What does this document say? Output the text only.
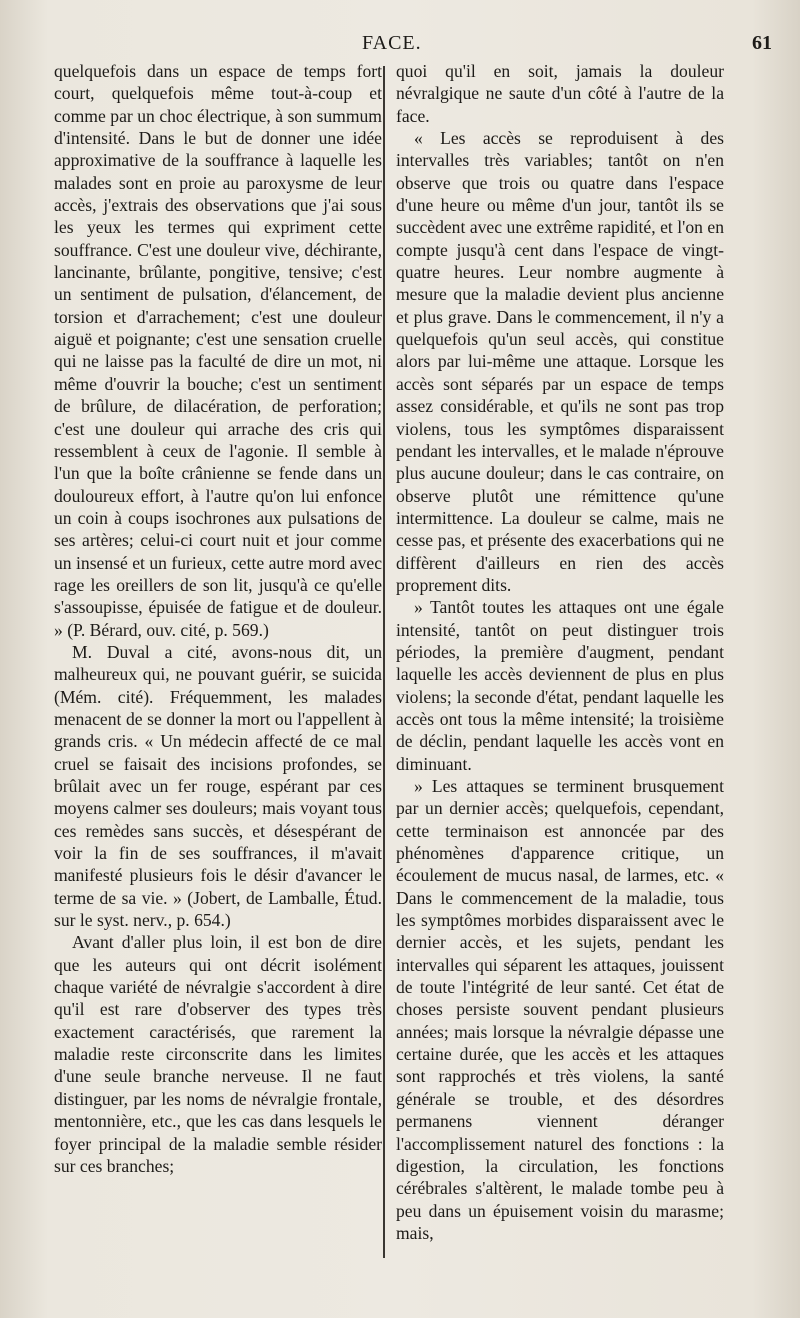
FACE.	61

quelquefois dans un espace de temps fort court, quelquefois même tout-à-coup et comme par un choc électrique, à son summum d'intensité. Dans le but de donner une idée approximative de la souffrance à laquelle les malades sont en proie au paroxysme de leur accès, j'extrais des observations que j'ai sous les yeux les termes qui expriment cette souffrance. C'est une douleur vive, déchirante, lancinante, brûlante, pongitive, tensive; c'est un sentiment de pulsation, d'élancement, de torsion et d'arrachement; c'est une douleur aiguë et poignante; c'est une sensation cruelle qui ne laisse pas la faculté de dire un mot, ni même d'ouvrir la bouche; c'est un sentiment de brûlure, de dilacération, de perforation; c'est une douleur qui arrache des cris qui ressemblent à ceux de l'agonie. Il semble à l'un que la boîte crânienne se fende dans un douloureux effort, à l'autre qu'on lui enfonce un coin à coups isochrones aux pulsations de ses artères; celui-ci court nuit et jour comme un insensé et un furieux, cette autre mord avec rage les oreillers de son lit, jusqu'à ce qu'elle s'assoupisse, épuisée de fatigue et de douleur. » (P. Bérard, ouv. cité, p. 569.)

M. Duval a cité, avons-nous dit, un malheureux qui, ne pouvant guérir, se suicida (Mém. cité). Fréquemment, les malades menacent de se donner la mort ou l'appellent à grands cris. « Un médecin affecté de ce mal cruel se faisait des incisions profondes, se brûlait avec un fer rouge, espérant par ces moyens calmer ses douleurs; mais voyant tous ces remèdes sans succès, et désespérant de voir la fin de ses souffrances, il m'avait manifesté plusieurs fois le désir d'avancer le terme de sa vie. » (Jobert, de Lamballe, Étud. sur le syst. nerv., p. 654.)

Avant d'aller plus loin, il est bon de dire que les auteurs qui ont décrit isolément chaque variété de névralgie s'accordent à dire qu'il est rare d'observer des types très exactement caractérisés, que rarement la maladie reste circonscrite dans les limites d'une seule branche nerveuse. Il ne faut distinguer, par les noms de névralgie frontale, mentonnière, etc., que les cas dans lesquels le foyer principal de la maladie semble résider sur ces branches;

quoi qu'il en soit, jamais la douleur névralgique ne saute d'un côté à l'autre de la face.

« Les accès se reproduisent à des intervalles très variables; tantôt on n'en observe que trois ou quatre dans l'espace d'une heure ou même d'un jour, tantôt ils se succèdent avec une extrême rapidité, et l'on en compte jusqu'à cent dans l'espace de vingt-quatre heures. Leur nombre augmente à mesure que la maladie devient plus ancienne et plus grave. Dans le commencement, il n'y a quelquefois qu'un seul accès, qui constitue alors par lui-même une attaque. Lorsque les accès sont séparés par un espace de temps assez considérable, et qu'ils ne sont pas trop violens, tous les symptômes disparaissent pendant les intervalles, et le malade n'éprouve plus aucune douleur; dans le cas contraire, on observe plutôt une rémittence qu'une intermittence. La douleur se calme, mais ne cesse pas, et présente des exacerbations qui ne diffèrent d'ailleurs en rien des accès proprement dits.

» Tantôt toutes les attaques ont une égale intensité, tantôt on peut distinguer trois périodes, la première d'augment, pendant laquelle les accès deviennent de plus en plus violens; la seconde d'état, pendant laquelle les accès ont tous la même intensité; la troisième de déclin, pendant laquelle les accès vont en diminuant.

» Les attaques se terminent brusquement par un dernier accès; quelquefois, cependant, cette terminaison est annoncée par des phénomènes d'apparence critique, un écoulement de mucus nasal, de larmes, etc. « Dans le commencement de la maladie, tous les symptômes morbides disparaissent avec le dernier accès, et les sujets, pendant les intervalles qui séparent les attaques, jouissent de toute l'intégrité de leur santé. Cet état de choses persiste souvent pendant plusieurs années; mais lorsque la névralgie dépasse une certaine durée, que les accès et les attaques sont rapprochés et très violens, la santé générale se trouble, et des désordres permanens viennent déranger l'accomplissement naturel des fonctions : la digestion, la circulation, les fonctions cérébrales s'altèrent, le malade tombe peu à peu dans un épuisement voisin du marasme; mais,
